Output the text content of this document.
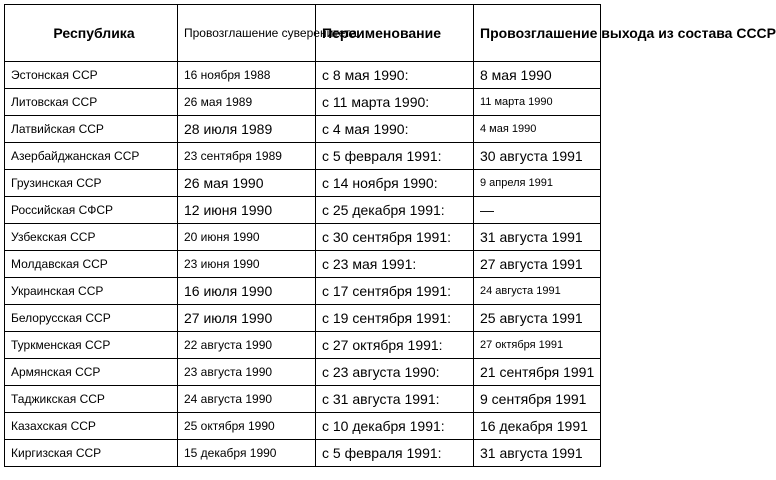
Республика	Провозглашение суверенитета	Переименование	Провозглашение выхода из состава СССР
Эстонская ССР	16 ноября 1988	с 8 мая 1990:	8 мая 1990
Литовская ССР	26 мая 1989	с 11 марта 1990:	11 марта 1990
Латвийская ССР	28 июля 1989	с 4 мая 1990:	4 мая 1990
Азербайджанская ССР	23 сентября 1989	с 5 февраля 1991:	30 августа 1991
Грузинская ССР	26 мая 1990	с 14 ноября 1990:	9 апреля 1991
Российская СФСР	12 июня 1990	с 25 декабря 1991:	—
Узбекская ССР	20 июня 1990	с 30 сентября 1991:	31 августа 1991
Молдавская ССР	23 июня 1990	с 23 мая 1991:	27 августа 1991
Украинская ССР	16 июля 1990	с 17 сентября 1991:	24 августа 1991
Белорусская ССР	27 июля 1990	с 19 сентября 1991:	25 августа 1991
Туркменская ССР	22 августа 1990	с 27 октября 1991:	27 октября 1991
Армянская ССР	23 августа 1990	с 23 августа 1990:	21 сентября 1991
Таджикская ССР	24 августа 1990	с 31 августа 1991:	9 сентября 1991
Казахская ССР	25 октября 1990	с 10 декабря 1991:	16 декабря 1991
Киргизская ССР	15 декабря 1990	с 5 февраля 1991:	31 августа 1991
